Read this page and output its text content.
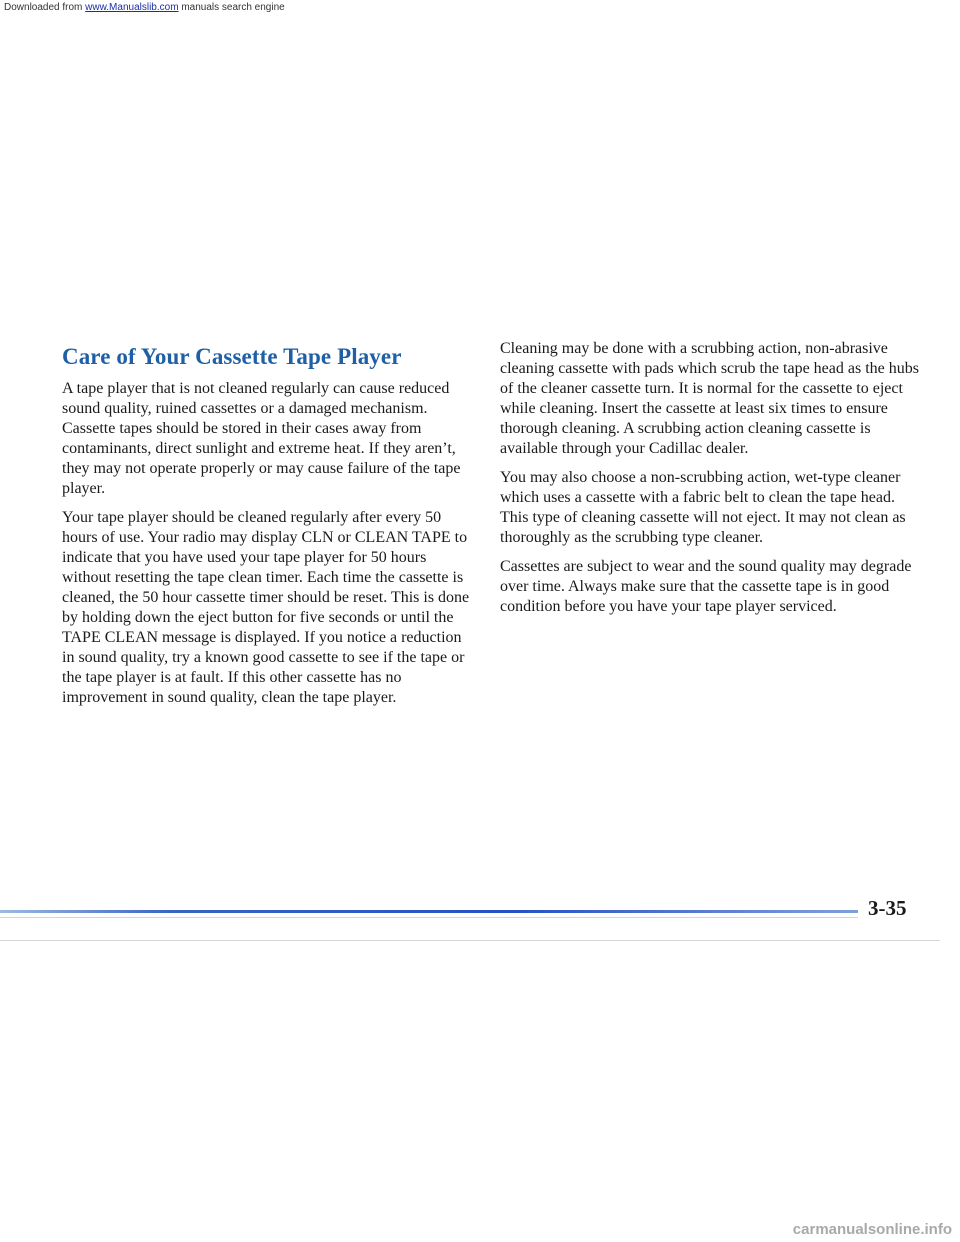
Downloaded from www.Manualslib.com manuals search engine
Care of Your Cassette Tape Player

A tape player that is not cleaned regularly can cause reduced sound quality, ruined cassettes or a damaged mechanism. Cassette tapes should be stored in their cases away from contaminants, direct sunlight and extreme heat. If they aren’t, they may not operate properly or may cause failure of the tape player.

Your tape player should be cleaned regularly after every 50 hours of use. Your radio may display CLN or CLEAN TAPE to indicate that you have used your tape player for 50 hours without resetting the tape clean timer. Each time the cassette is cleaned, the 50 hour cassette timer should be reset. This is done by holding down the eject button for five seconds or until the TAPE CLEAN message is displayed. If you notice a reduction in sound quality, try a known good cassette to see if the tape or the tape player is at fault. If this other cassette has no improvement in sound quality, clean the tape player.

Cleaning may be done with a scrubbing action, non-abrasive cleaning cassette with pads which scrub the tape head as the hubs of the cleaner cassette turn. It is normal for the cassette to eject while cleaning. Insert the cassette at least six times to ensure thorough cleaning. A scrubbing action cleaning cassette is available through your Cadillac dealer.

You may also choose a non-scrubbing action, wet-type cleaner which uses a cassette with a fabric belt to clean the tape head. This type of cleaning cassette will not eject. It may not clean as thoroughly as the scrubbing type cleaner.

Cassettes are subject to wear and the sound quality may degrade over time. Always make sure that the cassette tape is in good condition before you have your tape player serviced.

3-35
carmanualsonline.info
